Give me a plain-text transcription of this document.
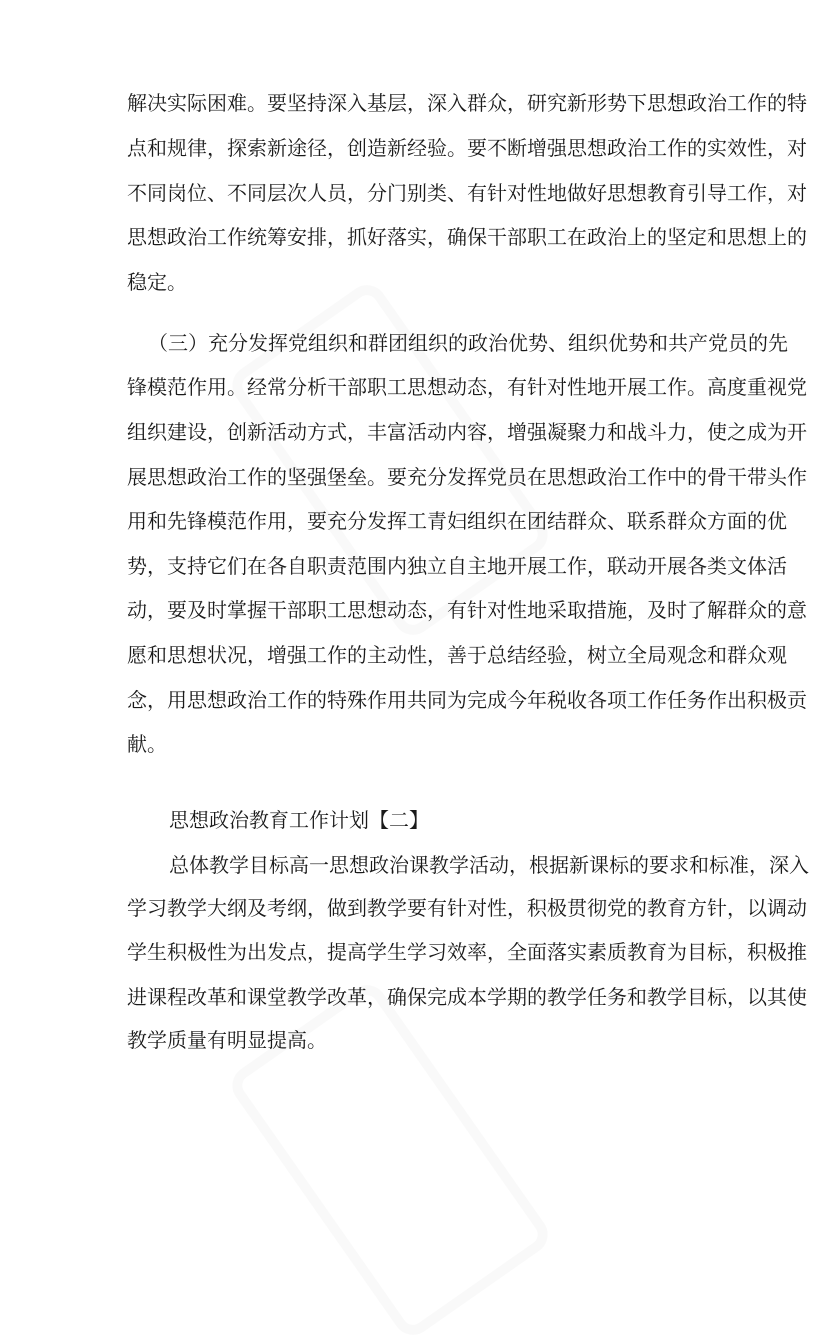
解决实际困难。要坚持深入基层，深入群众，研究新形势下思想政治工作的特
点和规律，探索新途径，创造新经验。要不断增强思想政治工作的实效性，对
不同岗位、不同层次人员，分门别类、有针对性地做好思想教育引导工作，对
思想政治工作统筹安排，抓好落实，确保干部职工在政治上的坚定和思想上的
稳定。
（三）充分发挥党组织和群团组织的政治优势、组织优势和共产党员的先
锋模范作用。经常分析干部职工思想动态，有针对性地开展工作。高度重视党
组织建设，创新活动方式，丰富活动内容，增强凝聚力和战斗力，使之成为开
展思想政治工作的坚强堡垒。要充分发挥党员在思想政治工作中的骨干带头作
用和先锋模范作用，要充分发挥工青妇组织在团结群众、联系群众方面的优
势，支持它们在各自职责范围内独立自主地开展工作，联动开展各类文体活
动，要及时掌握干部职工思想动态，有针对性地采取措施，及时了解群众的意
愿和思想状况，增强工作的主动性，善于总结经验，树立全局观念和群众观
念，用思想政治工作的特殊作用共同为完成今年税收各项工作任务作出积极贡
献。
思想政治教育工作计划【二】
总体教学目标高一思想政治课教学活动，根据新课标的要求和标准，深入
学习教学大纲及考纲，做到教学要有针对性，积极贯彻党的教育方针，以调动
学生积极性为出发点，提高学生学习效率，全面落实素质教育为目标，积极推
进课程改革和课堂教学改革，确保完成本学期的教学任务和教学目标，以其使
教学质量有明显提高。
